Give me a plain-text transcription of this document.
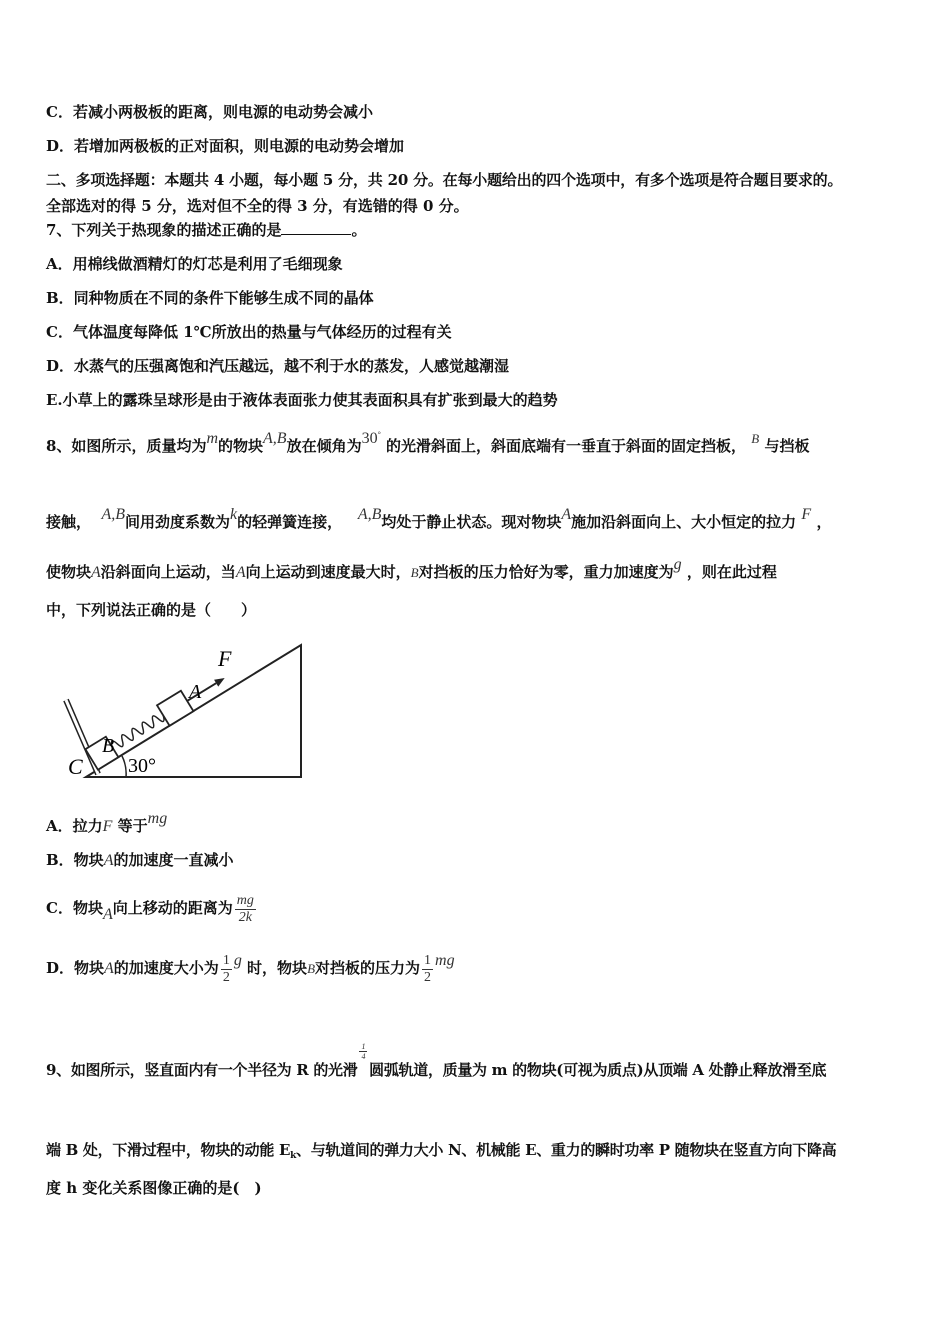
C．若减小两极板的距离，则电源的电动势会减小
D．若增加两极板的正对面积，则电源的电动势会增加
二、多项选择题：本题共 4 小题，每小题 5 分，共 20 分。在每小题给出的四个选项中，有多个选项是符合题目要求的。
全部选对的得 5 分，选对但不全的得 3 分，有选错的得 0 分。
7、下列关于热现象的描述正确的是	。
A．用棉线做酒精灯的灯芯是利用了毛细现象
B．同种物质在不同的条件下能够生成不同的晶体
C．气体温度每降低 1℃所放出的热量与气体经历的过程有关
D．水蒸气的压强离饱和汽压越远，越不利于水的蒸发，人感觉越潮湿
E.小草上的露珠呈球形是由于液体表面张力使其表面积具有扩张到最大的趋势
8、如图所示，质量均为m的物块A,B放在倾角为30° 的光滑斜面上，斜面底端有一垂直于斜面的固定挡板， B 与挡板
接触， A,B间用劲度系数为k的轻弹簧连接， A,B均处于静止状态。现对物块A施加沿斜面向上、大小恒定的拉力 F ，
使物块A沿斜面向上运动，当A向上运动到速度最大时，B对挡板的压力恰好为零，重力加速度为g ，则在此过程
中，下列说法正确的是（　　）
F
A
B
C 30°
A．拉力F 等于mg
B．物块A的加速度一直减小
C．物块A向上移动的距离为 $\frac{mg}{2k}$
D．物块A的加速度大小为 $\frac{1}{2}$ g 时，物块B对挡板的压力为 $\frac{1}{2}$ mg
9、如图所示，竖直面内有一个半径为 R 的光滑
$\frac{1}{4}$
圆弧轨道，质量为 m 的物块(可视为质点)从顶端 A 处静止释放滑至底
端 B 处，下滑过程中，物块的动能 $E_k$、与轨道间的弹力大小 N、机械能 E、重力的瞬时功率 P 随物块在竖直方向下降高
度 h 变化关系图像正确的是(　)
